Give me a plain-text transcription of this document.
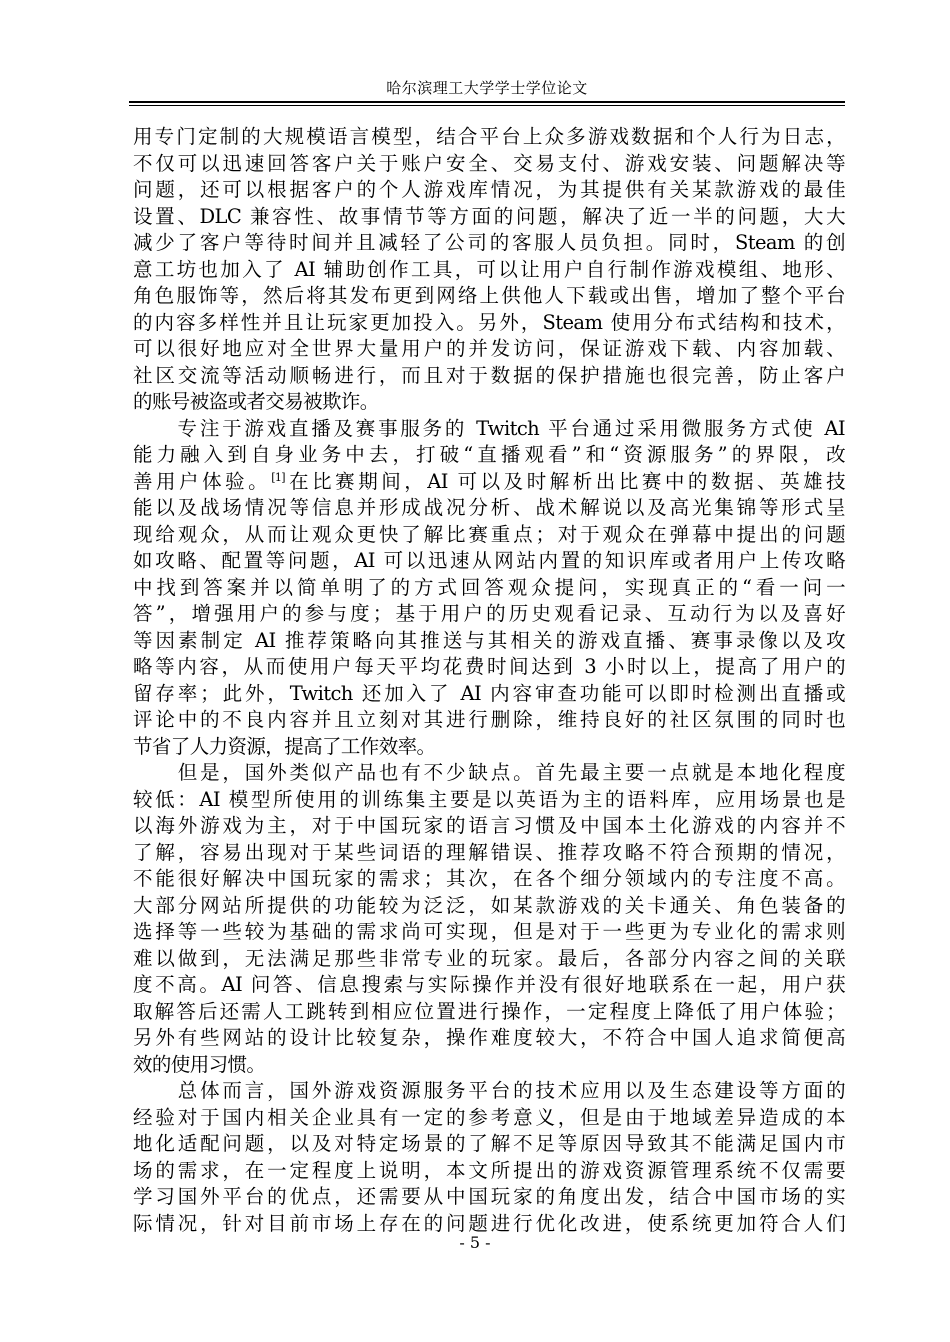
哈尔滨理工大学学士学位论文
用专门定制的大规模语言模型，结合平台上众多游戏数据和个人行为日志，
不仅可以迅速回答客户关于账户安全、交易支付、游戏安装、问题解决等
问题，还可以根据客户的个人游戏库情况，为其提供有关某款游戏的最佳
设置、DLC 兼容性、故事情节等方面的问题，解决了近一半的问题，大大
减少了客户等待时间并且减轻了公司的客服人员负担。同时，Steam 的创
意工坊也加入了 AI 辅助创作工具，可以让用户自行制作游戏模组、地形、
角色服饰等，然后将其发布更到网络上供他人下载或出售，增加了整个平台
的内容多样性并且让玩家更加投入。另外，Steam 使用分布式结构和技术，
可以很好地应对全世界大量用户的并发访问，保证游戏下载、内容加载、
社区交流等活动顺畅进行，而且对于数据的保护措施也很完善，防止客户
的账号被盗或者交易被欺诈。
　　专注于游戏直播及赛事服务的 Twitch 平台通过采用微服务方式使 AI
能力融入到自身业务中去，打破“直播观看”和“资源服务”的界限，改
善用户体验。[1]在比赛期间，AI 可以及时解析出比赛中的数据、英雄技
能以及战场情况等信息并形成战况分析、战术解说以及高光集锦等形式呈
现给观众，从而让观众更快了解比赛重点；对于观众在弹幕中提出的问题
如攻略、配置等问题，AI 可以迅速从网站内置的知识库或者用户上传攻略
中找到答案并以简单明了的方式回答观众提问，实现真正的“看一问一
答”，增强用户的参与度；基于用户的历史观看记录、互动行为以及喜好
等因素制定 AI 推荐策略向其推送与其相关的游戏直播、赛事录像以及攻
略等内容，从而使用户每天平均花费时间达到 3 小时以上，提高了用户的
留存率；此外，Twitch 还加入了 AI 内容审查功能可以即时检测出直播或
评论中的不良内容并且立刻对其进行删除，维持良好的社区氛围的同时也
节省了人力资源，提高了工作效率。
　　但是，国外类似产品也有不少缺点。首先最主要一点就是本地化程度
较低：AI 模型所使用的训练集主要是以英语为主的语料库，应用场景也是
以海外游戏为主，对于中国玩家的语言习惯及中国本土化游戏的内容并不
了解，容易出现对于某些词语的理解错误、推荐攻略不符合预期的情况，
不能很好解决中国玩家的需求；其次，在各个细分领域内的专注度不高。
大部分网站所提供的功能较为泛泛，如某款游戏的关卡通关、角色装备的
选择等一些较为基础的需求尚可实现，但是对于一些更为专业化的需求则
难以做到，无法满足那些非常专业的玩家。最后，各部分内容之间的关联
度不高。AI 问答、信息搜索与实际操作并没有很好地联系在一起，用户获
取解答后还需人工跳转到相应位置进行操作，一定程度上降低了用户体验；
另外有些网站的设计比较复杂，操作难度较大，不符合中国人追求简便高
效的使用习惯。
　　总体而言，国外游戏资源服务平台的技术应用以及生态建设等方面的
经验对于国内相关企业具有一定的参考意义，但是由于地域差异造成的本
地化适配问题，以及对特定场景的了解不足等原因导致其不能满足国内市
场的需求，在一定程度上说明，本文所提出的游戏资源管理系统不仅需要
学习国外平台的优点，还需要从中国玩家的角度出发，结合中国市场的实
际情况，针对目前市场上存在的问题进行优化改进，使系统更加符合人们
- 5 -
